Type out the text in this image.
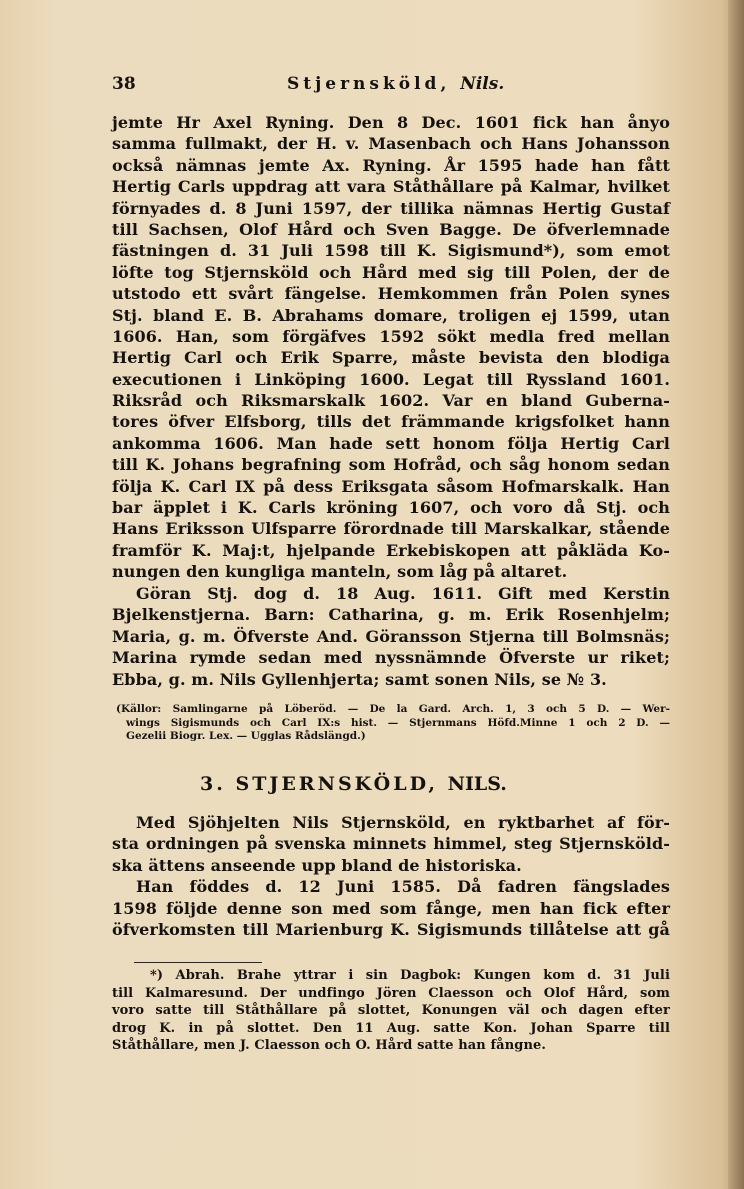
38	Stjernsköld, Nils.
jemte Hr Axel Ryning. Den 8 Dec. 1601 fick han ånyo
samma fullmakt, der H. v. Masenbach och Hans Johansson
också nämnas jemte Ax. Ryning. År 1595 hade han fått
Hertig Carls uppdrag att vara Ståthållare på Kalmar, hvilket
förnyades d. 8 Juni 1597, der tillika nämnas Hertig Gustaf
till Sachsen, Olof Hård och Sven Bagge. De öfverlemnade
fästningen d. 31 Juli 1598 till K. Sigismund*), som emot
löfte tog Stjernsköld och Hård med sig till Polen, der de
utstodo ett svårt fängelse. Hemkommen från Polen synes
Stj. bland E. B. Abrahams domare, troligen ej 1599, utan
1606. Han, som förgäfves 1592 sökt medla fred mellan
Hertig Carl och Erik Sparre, måste bevista den blodiga
executionen i Linköping 1600. Legat till Ryssland 1601.
Riksråd och Riksmarskalk 1602. Var en bland Guberna-
tores öfver Elfsborg, tills det främmande krigsfolket hann
ankomma 1606. Man hade sett honom följa Hertig Carl
till K. Johans begrafning som Hofråd, och såg honom sedan
följa K. Carl IX på dess Eriksgata såsom Hofmarskalk. Han
bar äpplet i K. Carls kröning 1607, och voro då Stj. och
Hans Eriksson Ulfsparre förordnade till Marskalkar, stående
framför K. Maj:t, hjelpande Erkebiskopen att påkläda Ko-
nungen den kungliga manteln, som låg på altaret.
Göran Stj. dog d. 18 Aug. 1611. Gift med Kerstin
Bjelkenstjerna. Barn: Catharina, g. m. Erik Rosenhjelm;
Maria, g. m. Öfverste And. Göransson Stjerna till Bolmsnäs;
Marina rymde sedan med nyssnämnde Öfverste ur riket;
Ebba, g. m. Nils Gyllenhjerta; samt sonen Nils, se № 3.
(Källor: Samlingarne på Löberöd. — De la Gard. Arch. 1, 3 och 5 D. — Wer-
wings Sigismunds och Carl IX:s hist. — Stjernmans Höfd.Minne 1 och 2 D. —
Gezelii Biogr. Lex. — Ugglas Rådslängd.)
3. STJERNSKÖLD, NILS.
Med Sjöhjelten Nils Stjernsköld, en ryktbarhet af för-
sta ordningen på svenska minnets himmel, steg Stjernsköld-
ska ättens anseende upp bland de historiska.
Han föddes d. 12 Juni 1585. Då fadren fängslades
1598 följde denne son med som fånge, men han fick efter
öfverkomsten till Marienburg K. Sigismunds tillåtelse att gå
*) Abrah. Brahe yttrar i sin Dagbok: Kungen kom d. 31 Juli
till Kalmaresund. Der undfingo Jören Claesson och Olof Hård, som
voro satte till Ståthållare på slottet, Konungen väl och dagen efter
drog K. in på slottet. Den 11 Aug. satte Kon. Johan Sparre till
Ståthållare, men J. Claesson och O. Hård satte han fångne.
